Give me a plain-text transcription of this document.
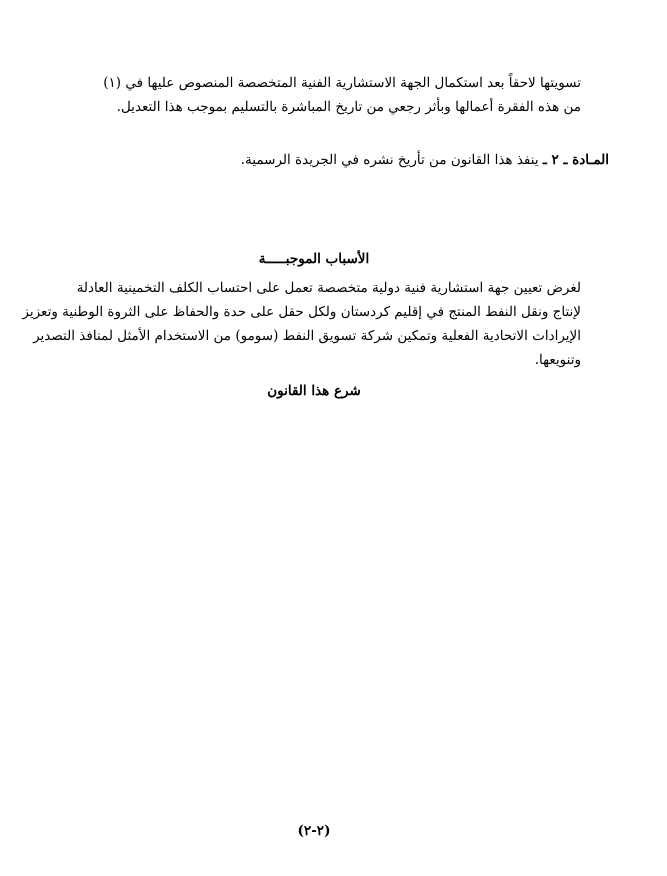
تسويتها لاحقاً بعد استكمال الجهة الاستشارية الفنية المتخصصة المنصوص عليها في (١)
من هذه الفقرة أعمالها وبأثر رجعي من تاريخ المباشرة بالتسليم بموجب هذا التعديل.

المـادة ـ ٢ ـ ينفذ هذا القانون من تأريخ نشره في الجريدة الرسمية.

الأسباب الموجبـــــة

لغرض تعيين جهة استشارية فنية دولية متخصصة تعمل على احتساب الكلف التخمينية العادلة
لإنتاج ونقل النفط المنتج في إقليم كردستان ولكل حقل على حدة والحفاظ على الثروة الوطنية وتعزيز
الإيرادات الاتحادية الفعلية وتمكين شركة تسويق النفط (سومو) من الاستخدام الأمثل لمنافذ التصدير
وتنويعها.

شرع هذا القانون
(٢-٢)
